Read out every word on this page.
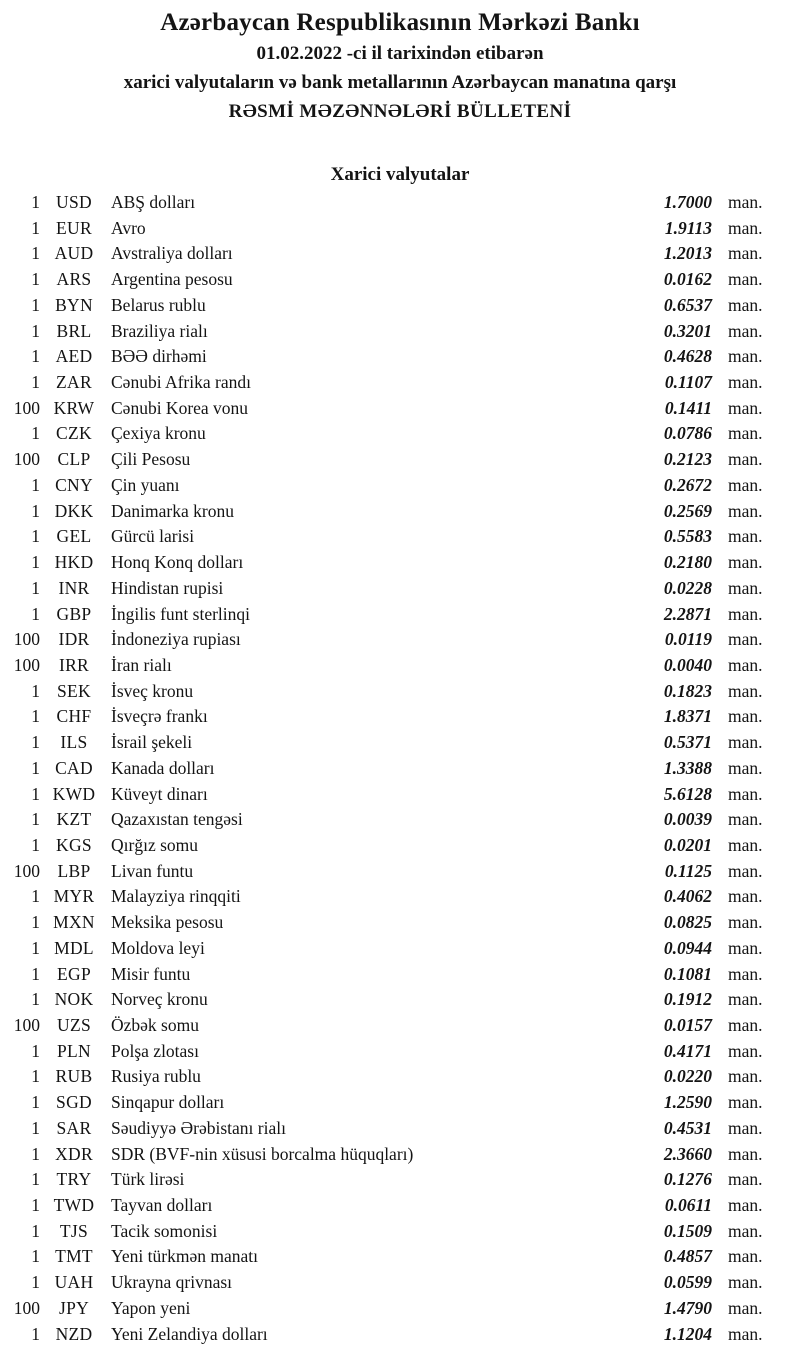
Azərbaycan Respublikasının Mərkəzi Bankı
01.02.2022 -ci il tarixindən etibarən
xarici valyutaların və bank metallarının Azərbaycan manatına qarşı
RƏSMİ MƏZƏNNƏLƏRİ BÜLLETENİ
Xarici valyutalar
1 USD	ABŞ dolları	1.7000 man.
1 EUR	Avro	1.9113 man.
1 AUD	Avstraliya dolları	1.2013 man.
1 ARS	Argentina pesosu	0.0162 man.
1 BYN	Belarus rublu	0.6537 man.
1 BRL	Braziliya rialı	0.3201 man.
1 AED	BƏƏ dirhəmi	0.4628 man.
1 ZAR	Cənubi Afrika randı	0.1107 man.
100 KRW Cənubi Korea vonu	0.1411 man.
1 CZK	Çexiya kronu	0.0786 man.
100	CLP	Çili Pesosu	0.2123 man.
1 CNY	Çin yuanı	0.2672 man.
1 DKK	Danimarka kronu	0.2569 man.
1 GEL	Gürcü larisi	0.5583 man.
1 HKD	Honq Konq dolları	0.2180 man.
1	INR	Hindistan rupisi	0.0228 man.
1 GBP	İngilis funt sterlinqi	2.2871 man.
100	IDR	İndoneziya rupiası	0.0119 man.
100	IRR	İran rialı	0.0040 man.
1 SEK	İsveç kronu	0.1823 man.
1 CHF	İsveçrə frankı	1.8371 man.
1	ILS	İsrail şekeli	0.5371 man.
1 CAD	Kanada dolları	1.3388 man.
1 KWD Küveyt dinarı	5.6128 man.
1 KZT	Qazaxıstan tengəsi	0.0039 man.
1 KGS	Qırğız somu	0.0201 man.
100	LBP	Livan funtu	0.1125 man.
1 MYR Malayziya rinqqiti	0.4062 man.
1 MXN Meksika pesosu	0.0825 man.
1 MDL Moldova leyi	0.0944 man.
1 EGP	Misir funtu	0.1081 man.
1 NOK	Norveç kronu	0.1912 man.
100 UZS	Özbək somu	0.0157 man.
1 PLN	Polşa zlotası	0.4171 man.
1 RUB	Rusiya rublu	0.0220 man.
1 SGD	Sinqapur dolları	1.2590 man.
1 SAR	Səudiyyə Ərəbistanı rialı	0.4531 man.
1 XDR	SDR (BVF-nin xüsusi borcalma hüquqları)	2.3660 man.
1 TRY	Türk lirəsi	0.1276 man.
1 TWD Tayvan dolları	0.0611 man.
1	TJS	Tacik somonisi	0.1509 man.
1 TMT	Yeni türkmən manatı	0.4857 man.
1 UAH	Ukrayna qrivnası	0.0599 man.
100	JPY	Yapon yeni	1.4790 man.
1 NZD	Yeni Zelandiya dolları	1.1204 man.
